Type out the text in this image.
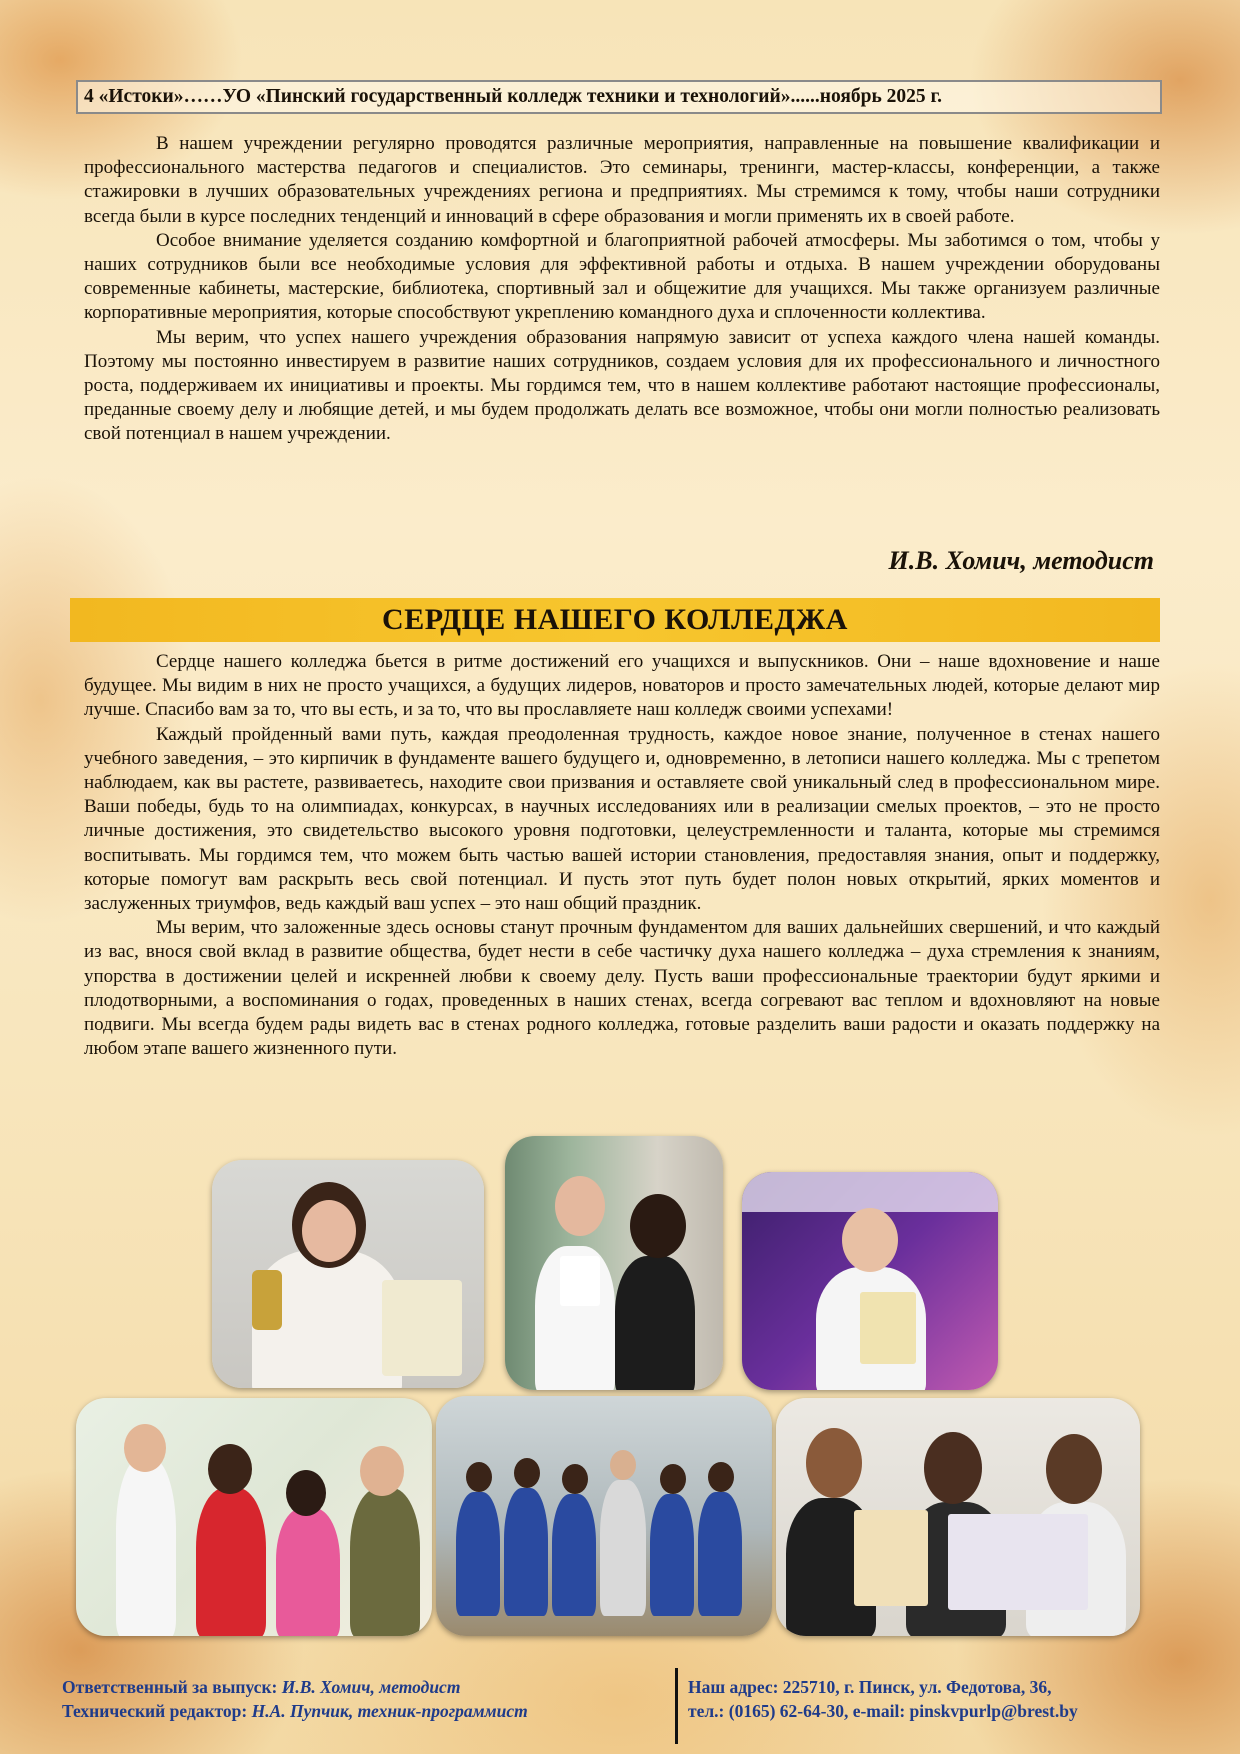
4 «Истоки»……УО «Пинский государственный колледж техники и технологий»......ноябрь 2025 г.

В нашем учреждении регулярно проводятся различные мероприятия, направленные на повышение квалификации и профессионального мастерства педагогов и специалистов. Это семинары, тренинги, мастер-классы, конференции, а также стажировки в лучших образовательных учреждениях региона и предприятиях. Мы стремимся к тому, чтобы наши сотрудники всегда были в курсе последних тенденций и инноваций в сфере образования и могли применять их в своей работе.

Особое внимание уделяется созданию комфортной и благоприятной рабочей атмосферы. Мы заботимся о том, чтобы у наших сотрудников были все необходимые условия для эффективной работы и отдыха. В нашем учреждении оборудованы современные кабинеты, мастерские, библиотека, спортивный зал и общежитие для учащихся. Мы также организуем различные корпоративные мероприятия, которые способствуют укреплению командного духа и сплоченности коллектива.

Мы верим, что успех нашего учреждения образования напрямую зависит от успеха каждого члена нашей команды. Поэтому мы постоянно инвестируем в развитие наших сотрудников, создаем условия для их профессионального и личностного роста, поддерживаем их инициативы и проекты. Мы гордимся тем, что в нашем коллективе работают настоящие профессионалы, преданные своему делу и любящие детей, и мы будем продолжать делать все возможное, чтобы они могли полностью реализовать свой потенциал в нашем учреждении.

И.В. Хомич, методист
СЕРДЦЕ НАШЕГО КОЛЛЕДЖА

Сердце нашего колледжа бьется в ритме достижений его учащихся и выпускников. Они – наше вдохновение и наше будущее. Мы видим в них не просто учащихся, а будущих лидеров, новаторов и просто замечательных людей, которые делают мир лучше. Спасибо вам за то, что вы есть, и за то, что вы прославляете наш колледж своими успехами!

Каждый пройденный вами путь, каждая преодоленная трудность, каждое новое знание, полученное в стенах нашего учебного заведения, – это кирпичик в фундаменте вашего будущего и, одновременно, в летописи нашего колледжа. Мы с трепетом наблюдаем, как вы растете, развиваетесь, находите свои призвания и оставляете свой уникальный след в профессиональном мире. Ваши победы, будь то на олимпиадах, конкурсах, в научных исследованиях или в реализации смелых проектов, – это не просто личные достижения, это свидетельство высокого уровня подготовки, целеустремленности и таланта, которые мы стремимся воспитывать. Мы гордимся тем, что можем быть частью вашей истории становления, предоставляя знания, опыт и поддержку, которые помогут вам раскрыть весь свой потенциал. И пусть этот путь будет полон новых открытий, ярких моментов и заслуженных триумфов, ведь каждый ваш успех – это наш общий праздник.

Мы верим, что заложенные здесь основы станут прочным фундаментом для ваших дальнейших свершений, и что каждый из вас, внося свой вклад в развитие общества, будет нести в себе частичку духа нашего колледжа – духа стремления к знаниям, упорства в достижении целей и искренней любви к своему делу. Пусть ваши профессиональные траектории будут яркими и плодотворными, а воспоминания о годах, проведенных в наших стенах, всегда согревают вас теплом и вдохновляют на новые подвиги. Мы всегда будем рады видеть вас в стенах родного колледжа, готовые разделить ваши радости и оказать поддержку на любом этапе вашего жизненного пути.

Ответственный за выпуск: И.В. Хомич, методист
Технический редактор: Н.А. Пупчик, техник-программист
Наш адрес: 225710, г. Пинск, ул. Федотова, 36,
тел.: (0165) 62-64-30, e-mail: pinskvpurlp@brest.by
